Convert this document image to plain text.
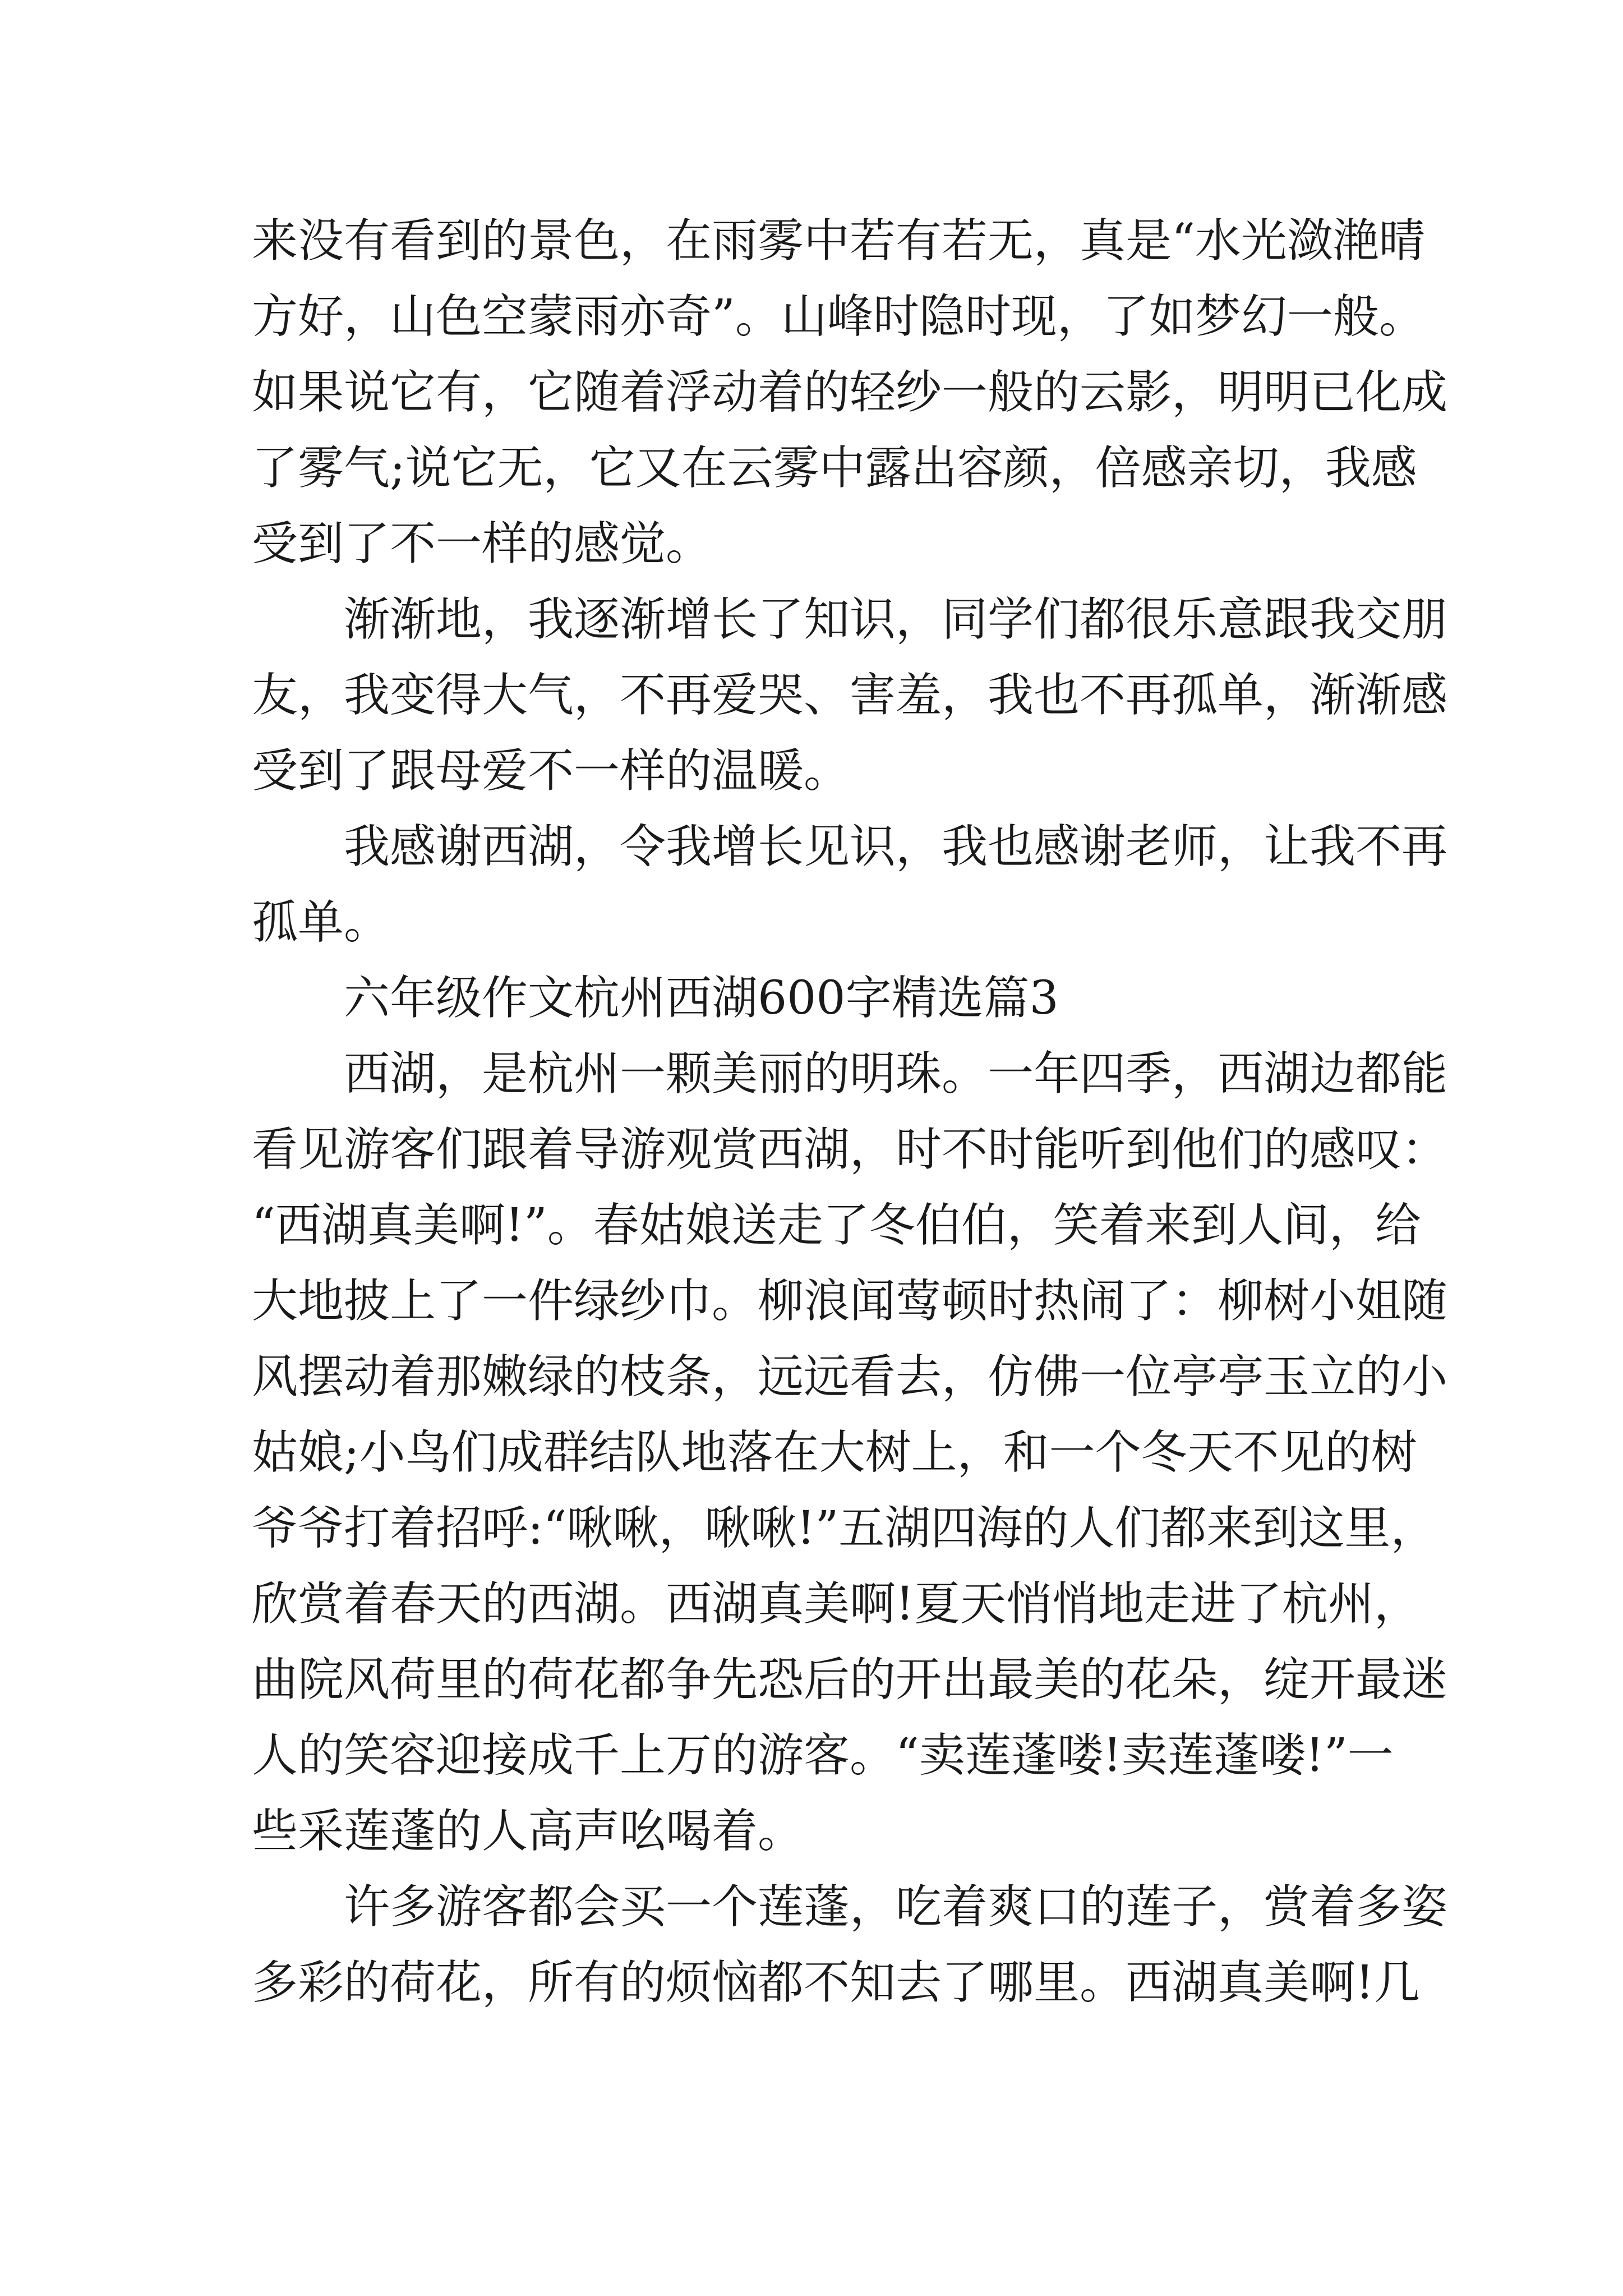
来没有看到的景色，在雨雾中若有若无，真是“水光潋滟晴
方好，山色空蒙雨亦奇”。山峰时隐时现，了如梦幻一般。
如果说它有，它随着浮动着的轻纱一般的云影，明明已化成
了雾气;说它无，它又在云雾中露出容颜，倍感亲切，我感
受到了不一样的感觉。
渐渐地，我逐渐增长了知识，同学们都很乐意跟我交朋
友，我变得大气，不再爱哭、害羞，我也不再孤单，渐渐感
受到了跟母爱不一样的温暖。
我感谢西湖，令我增长见识，我也感谢老师，让我不再
孤单。
六年级作文杭州西湖600字精选篇3
西湖，是杭州一颗美丽的明珠。一年四季，西湖边都能
看见游客们跟着导游观赏西湖，时不时能听到他们的感叹：
“西湖真美啊!”。春姑娘送走了冬伯伯，笑着来到人间，给
大地披上了一件绿纱巾。柳浪闻莺顿时热闹了：柳树小姐随
风摆动着那嫩绿的枝条，远远看去，仿佛一位亭亭玉立的小
姑娘;小鸟们成群结队地落在大树上，和一个冬天不见的树
爷爷打着招呼:“啾啾，啾啾!”五湖四海的人们都来到这里，
欣赏着春天的西湖。西湖真美啊!夏天悄悄地走进了杭州，
曲院风荷里的荷花都争先恐后的开出最美的花朵，绽开最迷
人的笑容迎接成千上万的游客。“卖莲蓬喽!卖莲蓬喽!”一
些采莲蓬的人高声吆喝着。
许多游客都会买一个莲蓬，吃着爽口的莲子，赏着多姿
多彩的荷花，所有的烦恼都不知去了哪里。西湖真美啊!几
